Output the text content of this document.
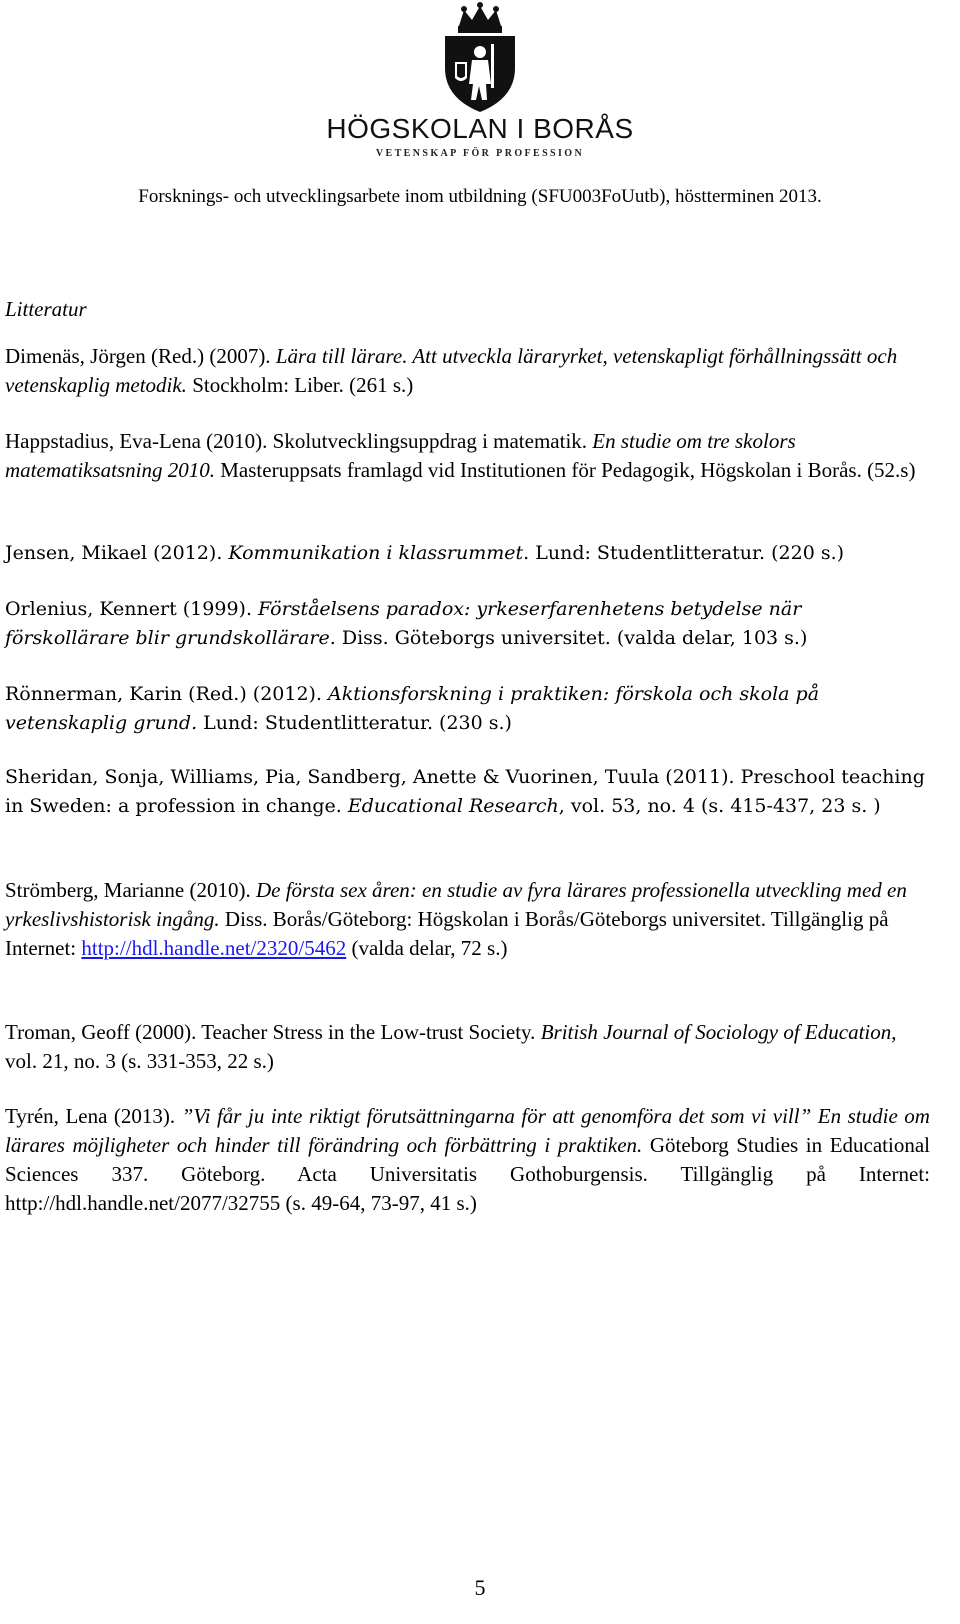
HÖGSKOLAN I BORÅS
VETENSKAP FÖR PROFESSION
Forsknings- och utvecklingsarbete inom utbildning (SFU003FoUutb), höstterminen 2013.
Litteratur
Dimenäs, Jörgen (Red.) (2007). Lära till lärare. Att utveckla läraryrket, vetenskapligt förhållningssätt och vetenskaplig metodik. Stockholm: Liber. (261 s.)
Happstadius, Eva-Lena (2010). Skolutvecklingsuppdrag i matematik. En studie om tre skolors matematiksatsning 2010. Masteruppsats framlagd vid Institutionen för Pedagogik, Högskolan i Borås. (52.s)
Jensen, Mikael (2012). Kommunikation i klassrummet. Lund: Studentlitteratur. (220 s.)
Orlenius, Kennert (1999). Förståelsens paradox: yrkeserfarenhetens betydelse när förskollärare blir grundskollärare. Diss. Göteborgs universitet. (valda delar, 103 s.)
Rönnerman, Karin (Red.) (2012). Aktionsforskning i praktiken: förskola och skola på vetenskaplig grund. Lund: Studentlitteratur. (230 s.)
Sheridan, Sonja, Williams, Pia, Sandberg, Anette & Vuorinen, Tuula (2011). Preschool teaching in Sweden: a profession in change. Educational Research, vol. 53, no. 4 (s. 415-437, 23 s. )
Strömberg, Marianne (2010). De första sex åren: en studie av fyra lärares professionella utveckling med en yrkeslivshistorisk ingång. Diss. Borås/Göteborg: Högskolan i Borås/Göteborgs universitet. Tillgänglig på Internet: http://hdl.handle.net/2320/5462 (valda delar, 72 s.)
Troman, Geoff (2000). Teacher Stress in the Low-trust Society. British Journal of Sociology of Education, vol. 21, no. 3 (s. 331-353, 22 s.)
Tyrén, Lena (2013). ”Vi får ju inte riktigt förutsättningarna för att genomföra det som vi vill” En studie om lärares möjligheter och hinder till förändring och förbättring i praktiken. Göteborg Studies in Educational Sciences 337. Göteborg. Acta Universitatis Gothoburgensis. Tillgänglig på Internet: http://hdl.handle.net/2077/32755 (s. 49-64, 73-97, 41 s.)
5
